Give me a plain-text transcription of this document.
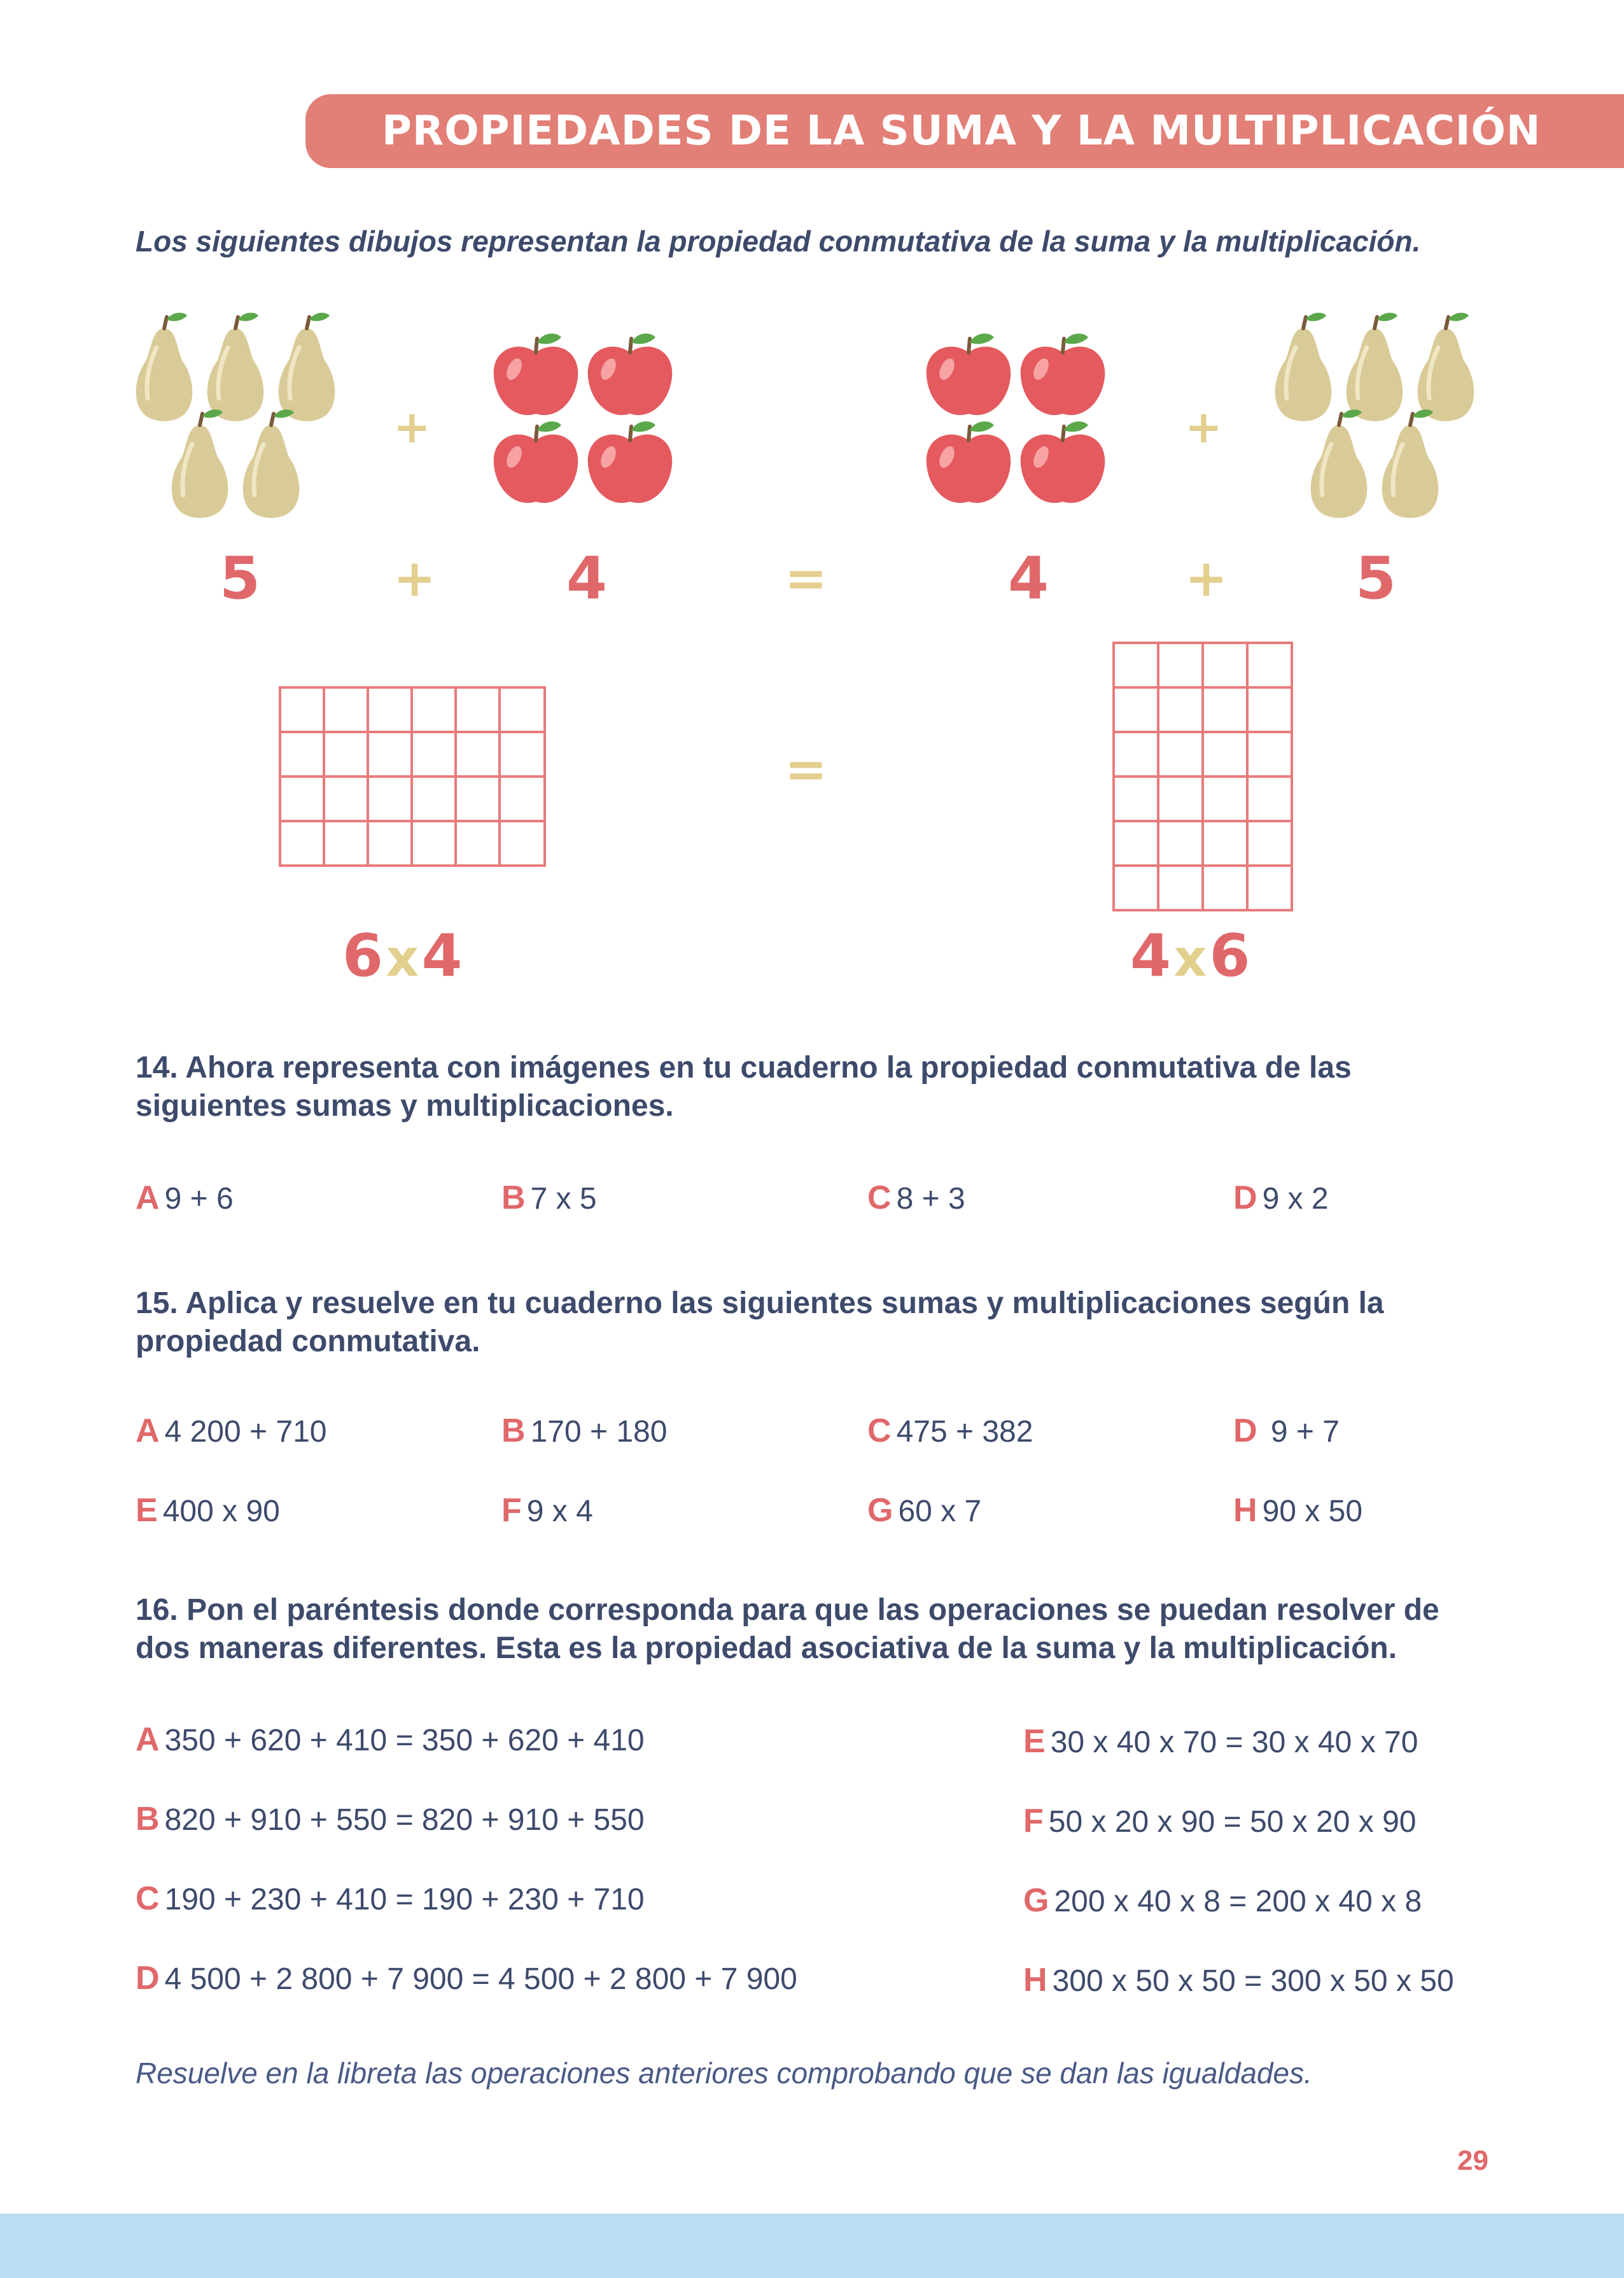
PROPIEDADES DE LA SUMA Y LA MULTIPLICACIÓN
Los siguientes dibujos representan la propiedad conmutativa de la suma y la multiplicación.
+	+
5	+ 4	=	4	+ 5
=
6 x 4	4 x 6
14. Ahora representa con imágenes en tu cuaderno la propiedad conmutativa de las siguientes sumas y multiplicaciones.
A 9 + 6	B 7 x 5	C 8 + 3	D 9 x 2
15. Aplica y resuelve en tu cuaderno las siguientes sumas y multiplicaciones según la propiedad conmutativa.
A 4 200 + 710	B 170 + 180	C 475 + 382	D 9 + 7
E 400 x 90	F 9 x 4	G 60 x 7	H 90 x 50
16. Pon el paréntesis donde corresponda para que las operaciones se puedan resolver de dos maneras diferentes. Esta es la propiedad asociativa de la suma y la multiplicación.
A 350 + 620 + 410 = 350 + 620 + 410
B 820 + 910 + 550 = 820 + 910 + 550
C 190 + 230 + 410 = 190 + 230 + 710
D 4 500 + 2 800 + 7 900 = 4 500 + 2 800 + 7 900
E 30 x 40 x 70 = 30 x 40 x 70
F 50 x 20 x 90 = 50 x 20 x 90
G 200 x 40 x 8 = 200 x 40 x 8
H 300 x 50 x 50 = 300 x 50 x 50
Resuelve en la libreta las operaciones anteriores comprobando que se dan las igualdades.
29
